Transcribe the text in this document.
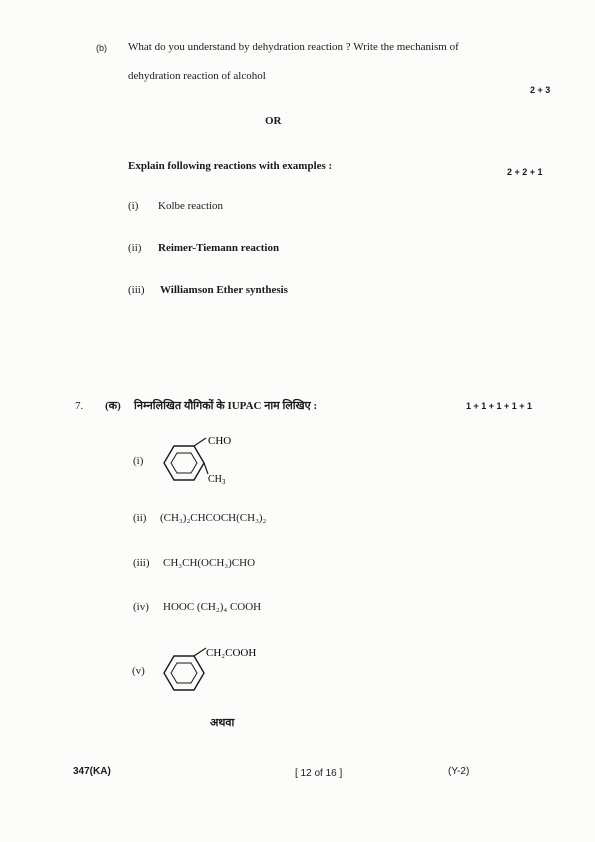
(b) What do you understand by dehydration reaction ? Write the mechanism of
dehydration reaction of alcohol
2 + 3
OR
Explain following reactions with examples :	2 + 2 + 1
(i) Kolbe reaction
(ii) Reimer-Tiemann reaction
(iii) Williamson Ether synthesis
7. (क) निम्नलिखित यौगिकों के IUPAC नाम लिखिए :	1 + 1 + 1 + 1 + 1
(i)
CHO
$CH_3$
(ii) (CH₃)₂CHCOCH(CH₃)₂
(iii) CH₃CH(OCH₃)CHO
(iv) HOOC (CH₂)₄ COOH
(v)
CH₂COOH
अथवा
347(KA)	[ 12 of 16 ]	(Y-2)
